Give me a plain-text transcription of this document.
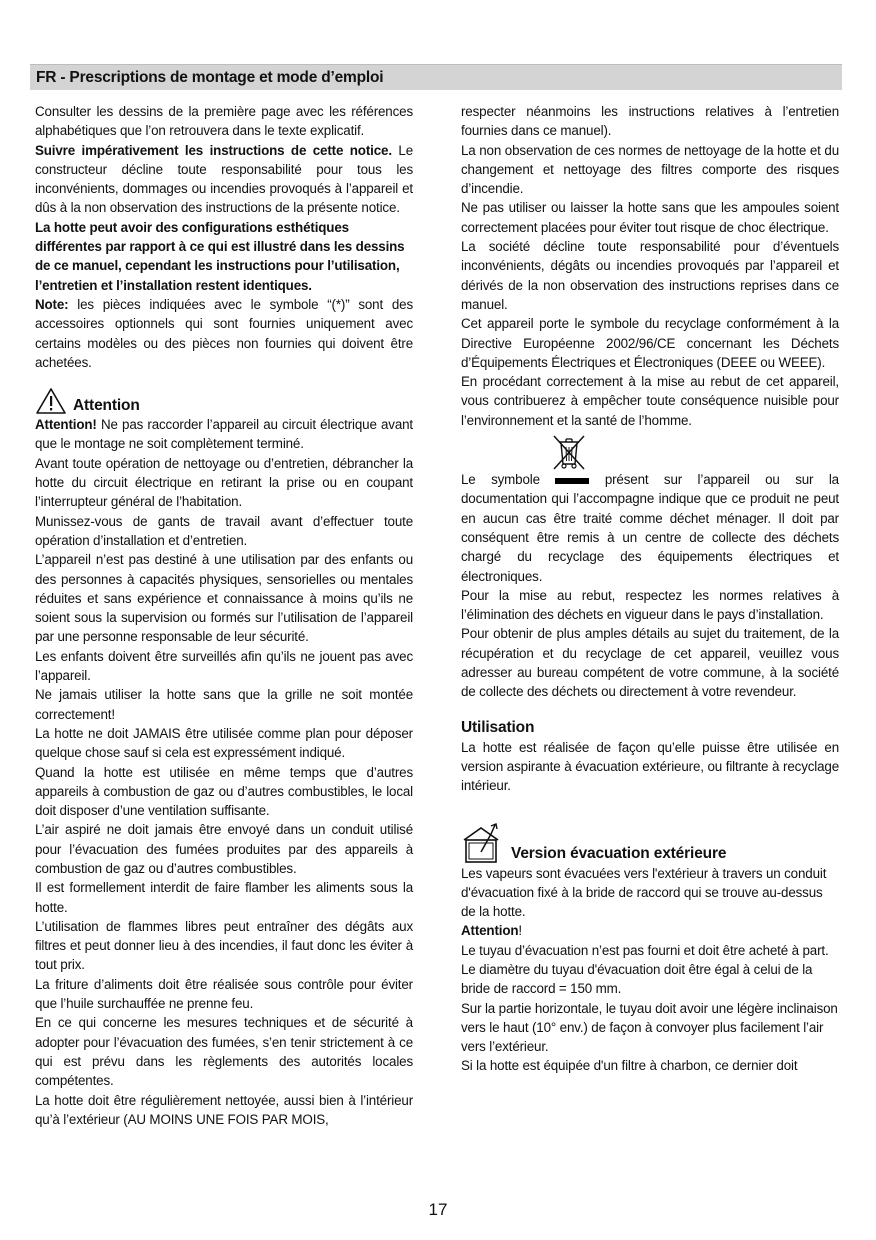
FR - Prescriptions de montage et mode d’emploi

Consulter les dessins de la première page avec les références alphabétiques que l’on retrouvera dans le texte explicatif.

Suivre impérativement les instructions de cette notice. Le constructeur décline toute responsabilité pour tous les inconvénients, dommages ou incendies provoqués à l’appareil et dûs à la non observation des instructions de la présente notice.

La hotte peut avoir des configurations esthétiques différentes par rapport à ce qui est illustré dans les dessins de ce manuel, cependant les instructions pour l’utilisation, l’entretien et l’installation restent identiques.

Note: les pièces indiquées avec le symbole “(*)” sont des accessoires optionnels qui sont fournies uniquement avec certains modèles ou des pièces non fournies qui doivent être achetées.

Attention

Attention! Ne pas raccorder l’appareil au circuit électrique avant que le montage ne soit complètement terminé.

Avant toute opération de nettoyage ou d’entretien, débrancher la hotte du circuit électrique en retirant la prise ou en coupant l’interrupteur général de l’habitation.

Munissez-vous de gants de travail avant d’effectuer toute opération d’installation et d’entretien.

L’appareil n’est pas destiné à une utilisation par des enfants ou des personnes à capacités physiques, sensorielles ou mentales réduites et sans expérience et connaissance à moins qu’ils ne soient sous la supervision ou formés sur l’utilisation de l’appareil par une personne responsable de leur sécurité.

Les enfants doivent être surveillés afin qu’ils ne jouent pas avec l’appareil.

Ne jamais utiliser la hotte sans que la grille ne soit montée correctement!

La hotte ne doit JAMAIS être utilisée comme plan pour déposer quelque chose sauf si cela est expressément indiqué.

Quand la hotte est utilisée en même temps que d’autres appareils à combustion de gaz ou d’autres combustibles, le local doit disposer d’une ventilation suffisante.

L’air aspiré ne doit jamais être envoyé dans un conduit utilisé pour l’évacuation des fumées produites par des appareils à combustion de gaz ou d’autres combustibles.

Il est formellement interdit de faire flamber les aliments sous la hotte.

L’utilisation de flammes libres peut entraîner des dégâts aux filtres et peut donner lieu à des incendies, il faut donc les éviter à tout prix.

La friture d’aliments doit être réalisée sous contrôle pour éviter que l’huile surchauffée ne prenne feu.

En ce qui concerne les mesures techniques et de sécurité à adopter pour l’évacuation des fumées, s’en tenir strictement à ce qui est prévu dans les règlements des autorités locales compétentes.

La hotte doit être régulièrement nettoyée, aussi bien à l’intérieur qu’à l’extérieur (AU MOINS UNE FOIS PAR MOIS,

respecter néanmoins les instructions relatives à l’entretien fournies dans ce manuel).

La non observation de ces normes de nettoyage de la hotte et du changement et nettoyage des filtres comporte des risques d’incendie.

Ne pas utiliser ou laisser la hotte sans que les ampoules soient correctement placées pour éviter tout risque de choc électrique.

La société décline toute responsabilité pour d’éventuels inconvénients, dégâts ou incendies provoqués par l’appareil et dérivés de la non observation des instructions reprises dans ce manuel.

Cet appareil porte le symbole du recyclage conformément à la Directive Européenne 2002/96/CE concernant les Déchets d’Équipements Électriques et Électroniques (DEEE ou WEEE).

En procédant correctement à la mise au rebut de cet appareil, vous contribuerez à empêcher toute conséquence nuisible pour l’environnement et la santé de l’homme.

Le symbole	présent sur l’appareil ou sur la

documentation qui l’accompagne indique que ce produit ne peut en aucun cas être traité comme déchet ménager. Il doit par conséquent être remis à un centre de collecte des déchets chargé du recyclage des équipements électriques et électroniques.

Pour la mise au rebut, respectez les normes relatives à l’élimination des déchets en vigueur dans le pays d’installation.

Pour obtenir de plus amples détails au sujet du traitement, de la récupération et du recyclage de cet appareil, veuillez vous adresser au bureau compétent de votre commune, à la société de collecte des déchets ou directement à votre revendeur.

Utilisation

La hotte est réalisée de façon qu’elle puisse être utilisée en version aspirante à évacuation extérieure, ou filtrante à recyclage intérieur.

Version évacuation extérieure

Les vapeurs sont évacuées vers l'extérieur à travers un conduit d'évacuation fixé à la bride de raccord qui se trouve au-dessus de la hotte.

Attention!

Le tuyau d’évacuation n’est pas fourni et doit être acheté à part.

Le diamètre du tuyau d'évacuation doit être égal à celui de la bride de raccord = 150 mm.

Sur la partie horizontale, le tuyau doit avoir une légère inclinaison vers le haut (10° env.) de façon à convoyer plus facilement l’air vers l’extérieur.

Si la hotte est équipée d'un filtre à charbon, ce dernier doit

17
